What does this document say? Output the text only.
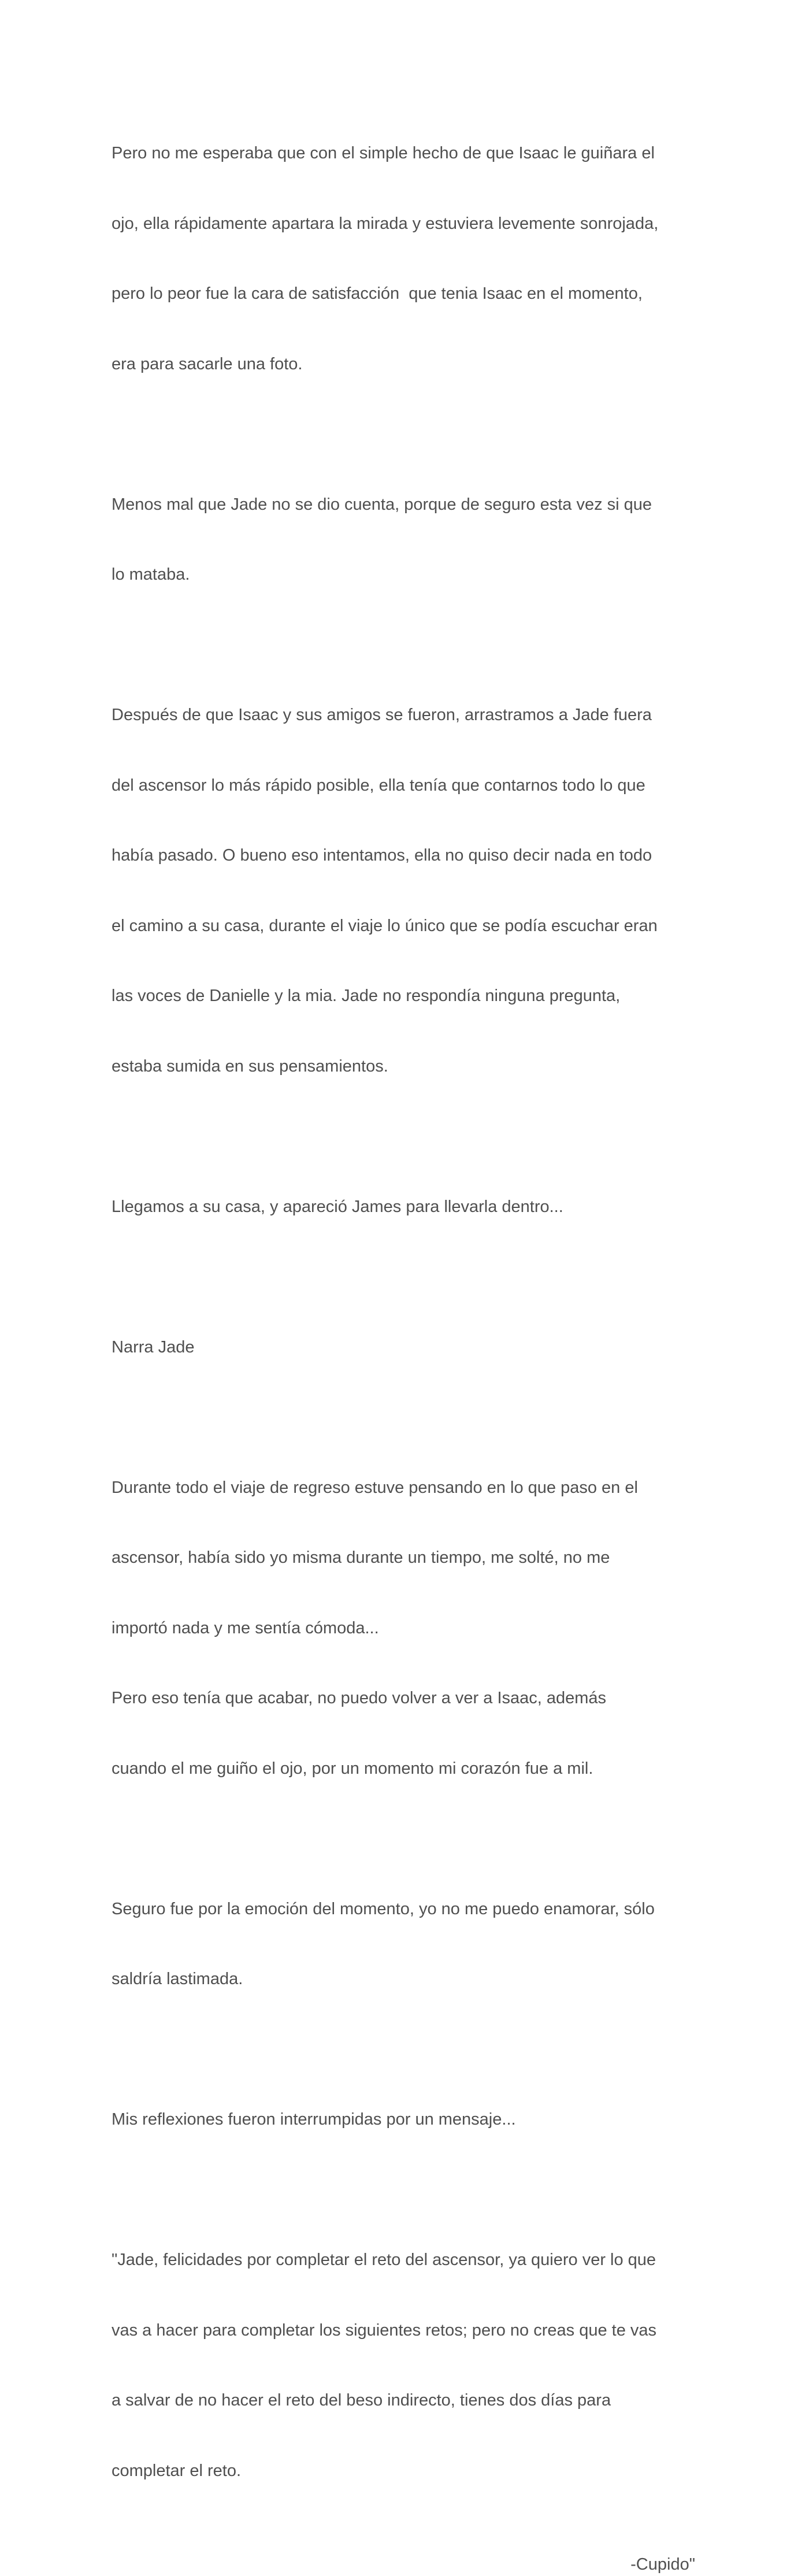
Pero no me esperaba que con el simple hecho de que Isaac le guiñara el

ojo, ella rápidamente apartara la mirada y estuviera levemente sonrojada,

pero lo peor fue la cara de satisfacción  que tenia Isaac en el momento,

era para sacarle una foto.

Menos mal que Jade no se dio cuenta, porque de seguro esta vez si que

lo mataba.

Después de que Isaac y sus amigos se fueron, arrastramos a Jade fuera

del ascensor lo más rápido posible, ella tenía que contarnos todo lo que

había pasado. O bueno eso intentamos, ella no quiso decir nada en todo

el camino a su casa, durante el viaje lo único que se podía escuchar eran

las voces de Danielle y la mia. Jade no respondía ninguna pregunta,

estaba sumida en sus pensamientos.

Llegamos a su casa, y apareció James para llevarla dentro...

Narra Jade

Durante todo el viaje de regreso estuve pensando en lo que paso en el

ascensor, había sido yo misma durante un tiempo, me solté, no me

importó nada y me sentía cómoda...

Pero eso tenía que acabar, no puedo volver a ver a Isaac, además

cuando el me guiño el ojo, por un momento mi corazón fue a mil.

Seguro fue por la emoción del momento, yo no me puedo enamorar, sólo

saldría lastimada.

Mis reflexiones fueron interrumpidas por un mensaje...

"Jade, felicidades por completar el reto del ascensor, ya quiero ver lo que

vas a hacer para completar los siguientes retos; pero no creas que te vas

a salvar de no hacer el reto del beso indirecto, tienes dos días para

completar el reto.

-Cupido"
